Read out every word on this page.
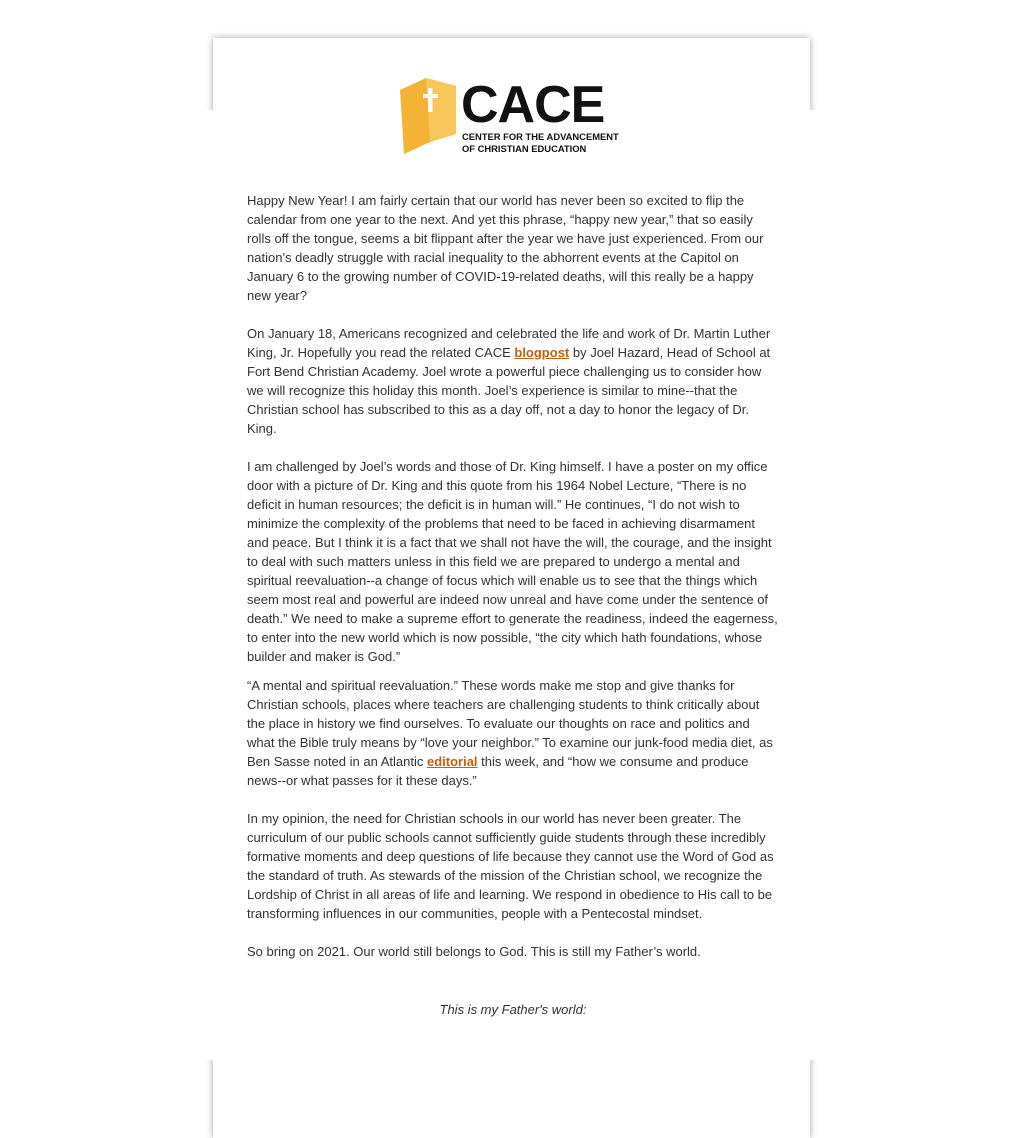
CACE
CENTER FOR THE ADVANCEMENT
OF CHRISTIAN EDUCATION

Happy New Year! I am fairly certain that our world has never been so excited to flip the calendar from one year to the next. And yet this phrase, “happy new year,” that so easily rolls off the tongue, seems a bit flippant after the year we have just experienced. From our nation’s deadly struggle with racial inequality to the abhorrent events at the Capitol on January 6 to the growing number of COVID-19-related deaths, will this really be a happy new year?

On January 18, Americans recognized and celebrated the life and work of Dr. Martin Luther King, Jr. Hopefully you read the related CACE blogpost by Joel Hazard, Head of School at Fort Bend Christian Academy. Joel wrote a powerful piece challenging us to consider how we will recognize this holiday this month. Joel’s experience is similar to mine--that the Christian school has subscribed to this as a day off, not a day to honor the legacy of Dr. King.

I am challenged by Joel’s words and those of Dr. King himself. I have a poster on my office door with a picture of Dr. King and this quote from his 1964 Nobel Lecture, “There is no deficit in human resources; the deficit is in human will.” He continues, “I do not wish to minimize the complexity of the problems that need to be faced in achieving disarmament and peace. But I think it is a fact that we shall not have the will, the courage, and the insight to deal with such matters unless in this field we are prepared to undergo a mental and spiritual reevaluation--a change of focus which will enable us to see that the things which seem most real and powerful are indeed now unreal and have come under the sentence of death.” We need to make a supreme effort to generate the readiness, indeed the eagerness, to enter into the new world which is now possible, “the city which hath foundations, whose builder and maker is God.”

“A mental and spiritual reevaluation.” These words make me stop and give thanks for Christian schools, places where teachers are challenging students to think critically about the place in history we find ourselves. To evaluate our thoughts on race and politics and what the Bible truly means by “love your neighbor.” To examine our junk-food media diet, as Ben Sasse noted in an Atlantic editorial this week, and “how we consume and produce news--or what passes for it these days.”

In my opinion, the need for Christian schools in our world has never been greater. The curriculum of our public schools cannot sufficiently guide students through these incredibly formative moments and deep questions of life because they cannot use the Word of God as the standard of truth. As stewards of the mission of the Christian school, we recognize the Lordship of Christ in all areas of life and learning. We respond in obedience to His call to be transforming influences in our communities, people with a Pentecostal mindset.

So bring on 2021. Our world still belongs to God. This is still my Father’s world.

This is my Father's world:
